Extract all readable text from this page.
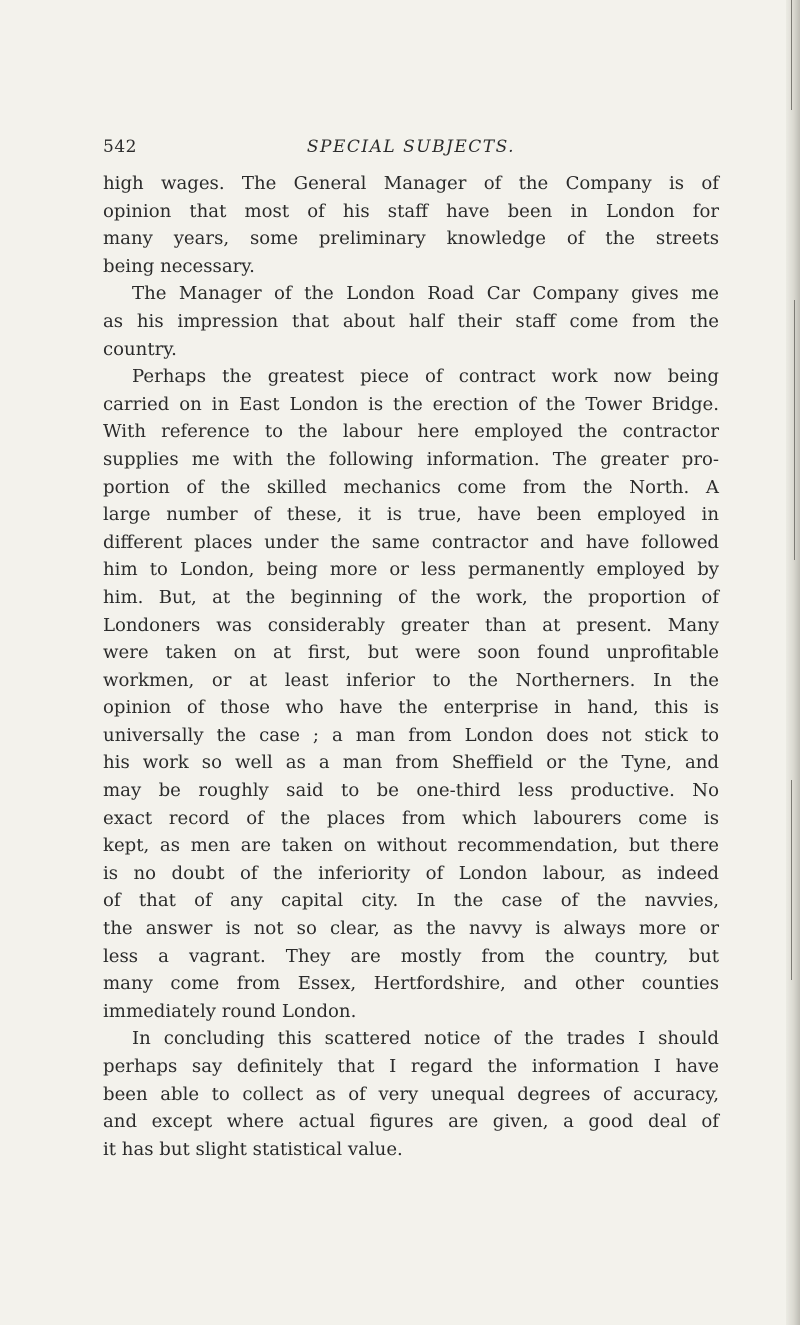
542	SPECIAL SUBJECTS.

high wages. The General Manager of the Company is of
opinion that most of his staff have been in London for
many years, some preliminary knowledge of the streets
being necessary.

The Manager of the London Road Car Company gives me
as his impression that about half their staff come from the
country.

Perhaps the greatest piece of contract work now being
carried on in East London is the erection of the Tower Bridge.
With reference to the labour here employed the contractor
supplies me with the following information. The greater pro-
portion of the skilled mechanics come from the North. A
large number of these, it is true, have been employed in
different places under the same contractor and have followed
him to London, being more or less permanently employed by
him. But, at the beginning of the work, the proportion of
Londoners was considerably greater than at present. Many
were taken on at first, but were soon found unprofitable
workmen, or at least inferior to the Northerners. In the
opinion of those who have the enterprise in hand, this is
universally the case ; a man from London does not stick to
his work so well as a man from Sheffield or the Tyne, and
may be roughly said to be one-third less productive. No
exact record of the places from which labourers come is
kept, as men are taken on without recommendation, but there
is no doubt of the inferiority of London labour, as indeed
of that of any capital city. In the case of the navvies,
the answer is not so clear, as the navvy is always more or
less a vagrant. They are mostly from the country, but
many come from Essex, Hertfordshire, and other counties
immediately round London.

In concluding this scattered notice of the trades I should
perhaps say definitely that I regard the information I have
been able to collect as of very unequal degrees of accuracy,
and except where actual figures are given, a good deal of
it has but slight statistical value.
